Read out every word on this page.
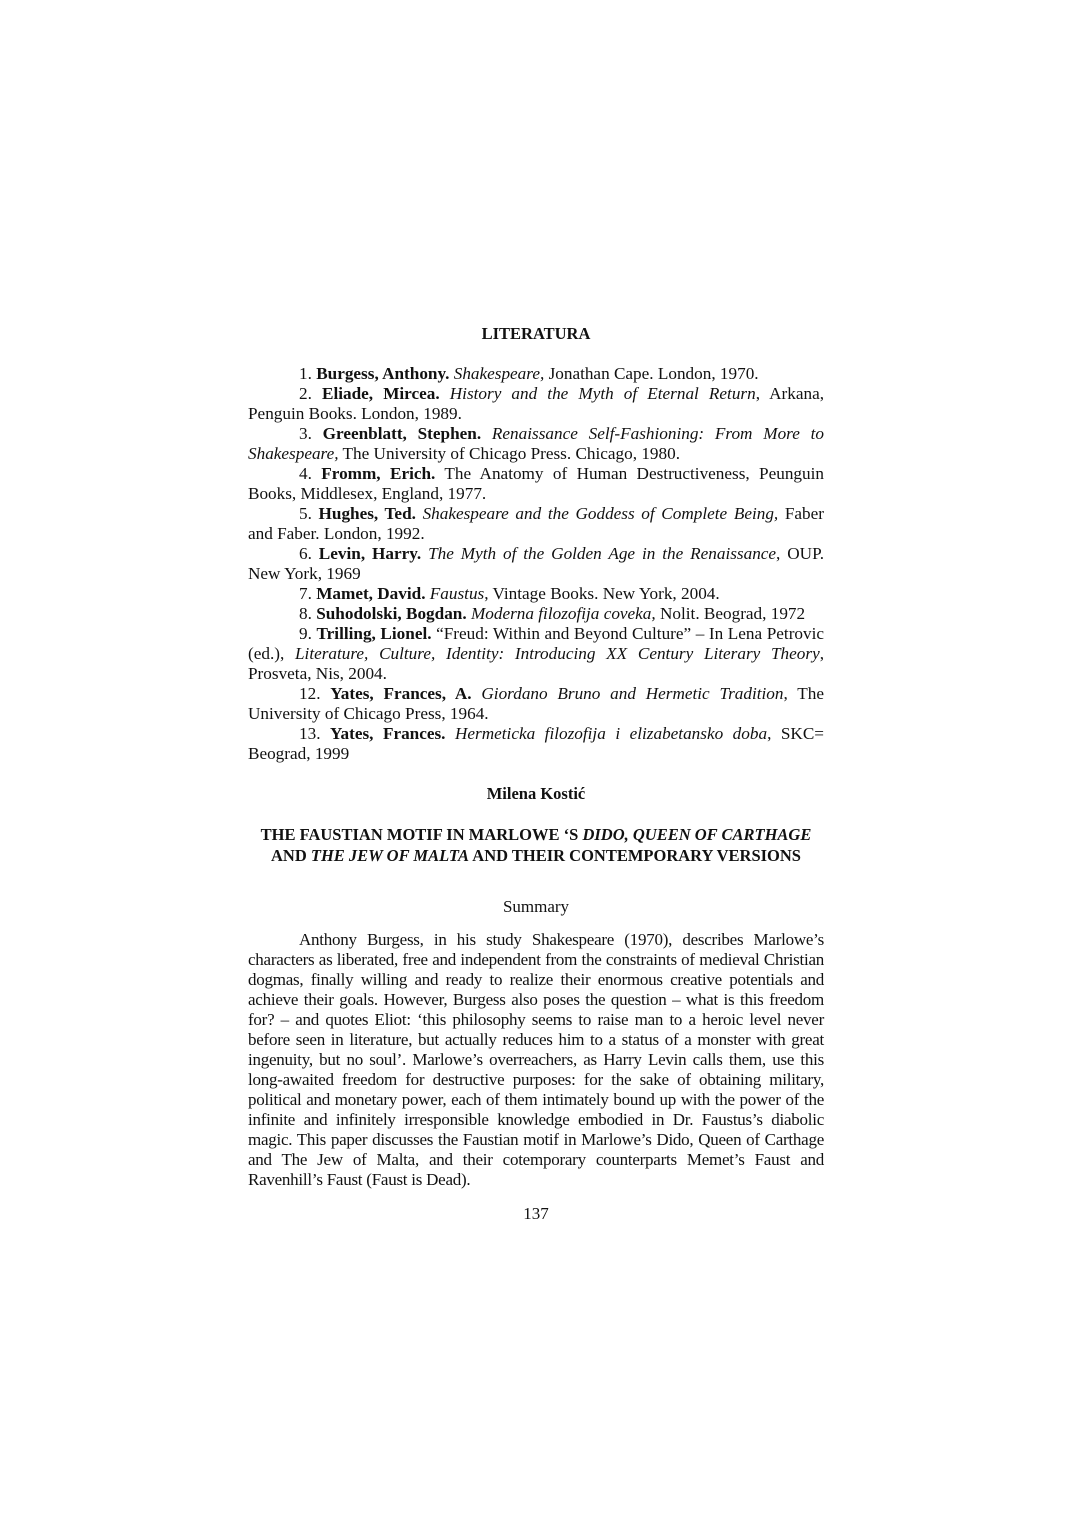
LITERATURA

1. Burgess, Anthony. Shakespeare, Jonathan Cape. London, 1970.

2. Eliade, Mircea. History and the Myth of Eternal Return, Arkana, Penguin Books. London, 1989.

3. Greenblatt, Stephen. Renaissance Self-Fashioning: From More to Shakespeare, The University of Chicago Press. Chicago, 1980.

4. Fromm, Erich. The Anatomy of Human Destructiveness, Peunguin Books, Middlesex, England, 1977.

5. Hughes, Ted. Shakespeare and the Goddess of Complete Being, Faber and Faber. London, 1992.

6. Levin, Harry. The Myth of the Golden Age in the Renaissance, OUP. New York, 1969

7. Mamet, David. Faustus, Vintage Books. New York, 2004.

8. Suhodolski, Bogdan. Moderna filozofija coveka, Nolit. Beograd, 1972

9. Trilling, Lionel. “Freud: Within and Beyond Culture” – In Lena Petrovic (ed.), Literature, Culture, Identity: Introducing XX Century Literary Theory, Prosveta, Nis, 2004.

12. Yates, Frances, A. Giordano Bruno and Hermetic Tradition, The University of Chicago Press, 1964.

13. Yates, Frances. Hermeticka filozofija i elizabetansko doba, SKC= Beograd, 1999

Milena Kostić
THE FAUSTIAN MOTIF IN MARLOWE ‘S DIDO, QUEEN OF CARTHAGE AND THE JEW OF MALTA AND THEIR CONTEMPORARY VERSIONS
Summary

Anthony Burgess, in his study Shakespeare (1970), describes Marlowe’s characters as liberated, free and independent from the constraints of medieval Christian dogmas, finally willing and ready to realize their enormous creative potentials and achieve their goals. However, Burgess also poses the question – what is this freedom for? – and quotes Eliot: ‘this philosophy seems to raise man to a heroic level never before seen in literature, but actually reduces him to a status of a monster with great ingenuity, but no soul’. Marlowe’s overreachers, as Harry Levin calls them, use this long-awaited freedom for destructive purposes: for the sake of obtaining military, political and monetary power, each of them intimately bound up with the power of the infinite and infinitely irresponsible knowledge embodied in Dr. Faustus’s diabolic magic. This paper discusses the Faustian motif in Marlowe’s Dido, Queen of Carthage and The Jew of Malta, and their cotemporary counterparts Memet’s Faust and Ravenhill’s Faust (Faust is Dead).

137
